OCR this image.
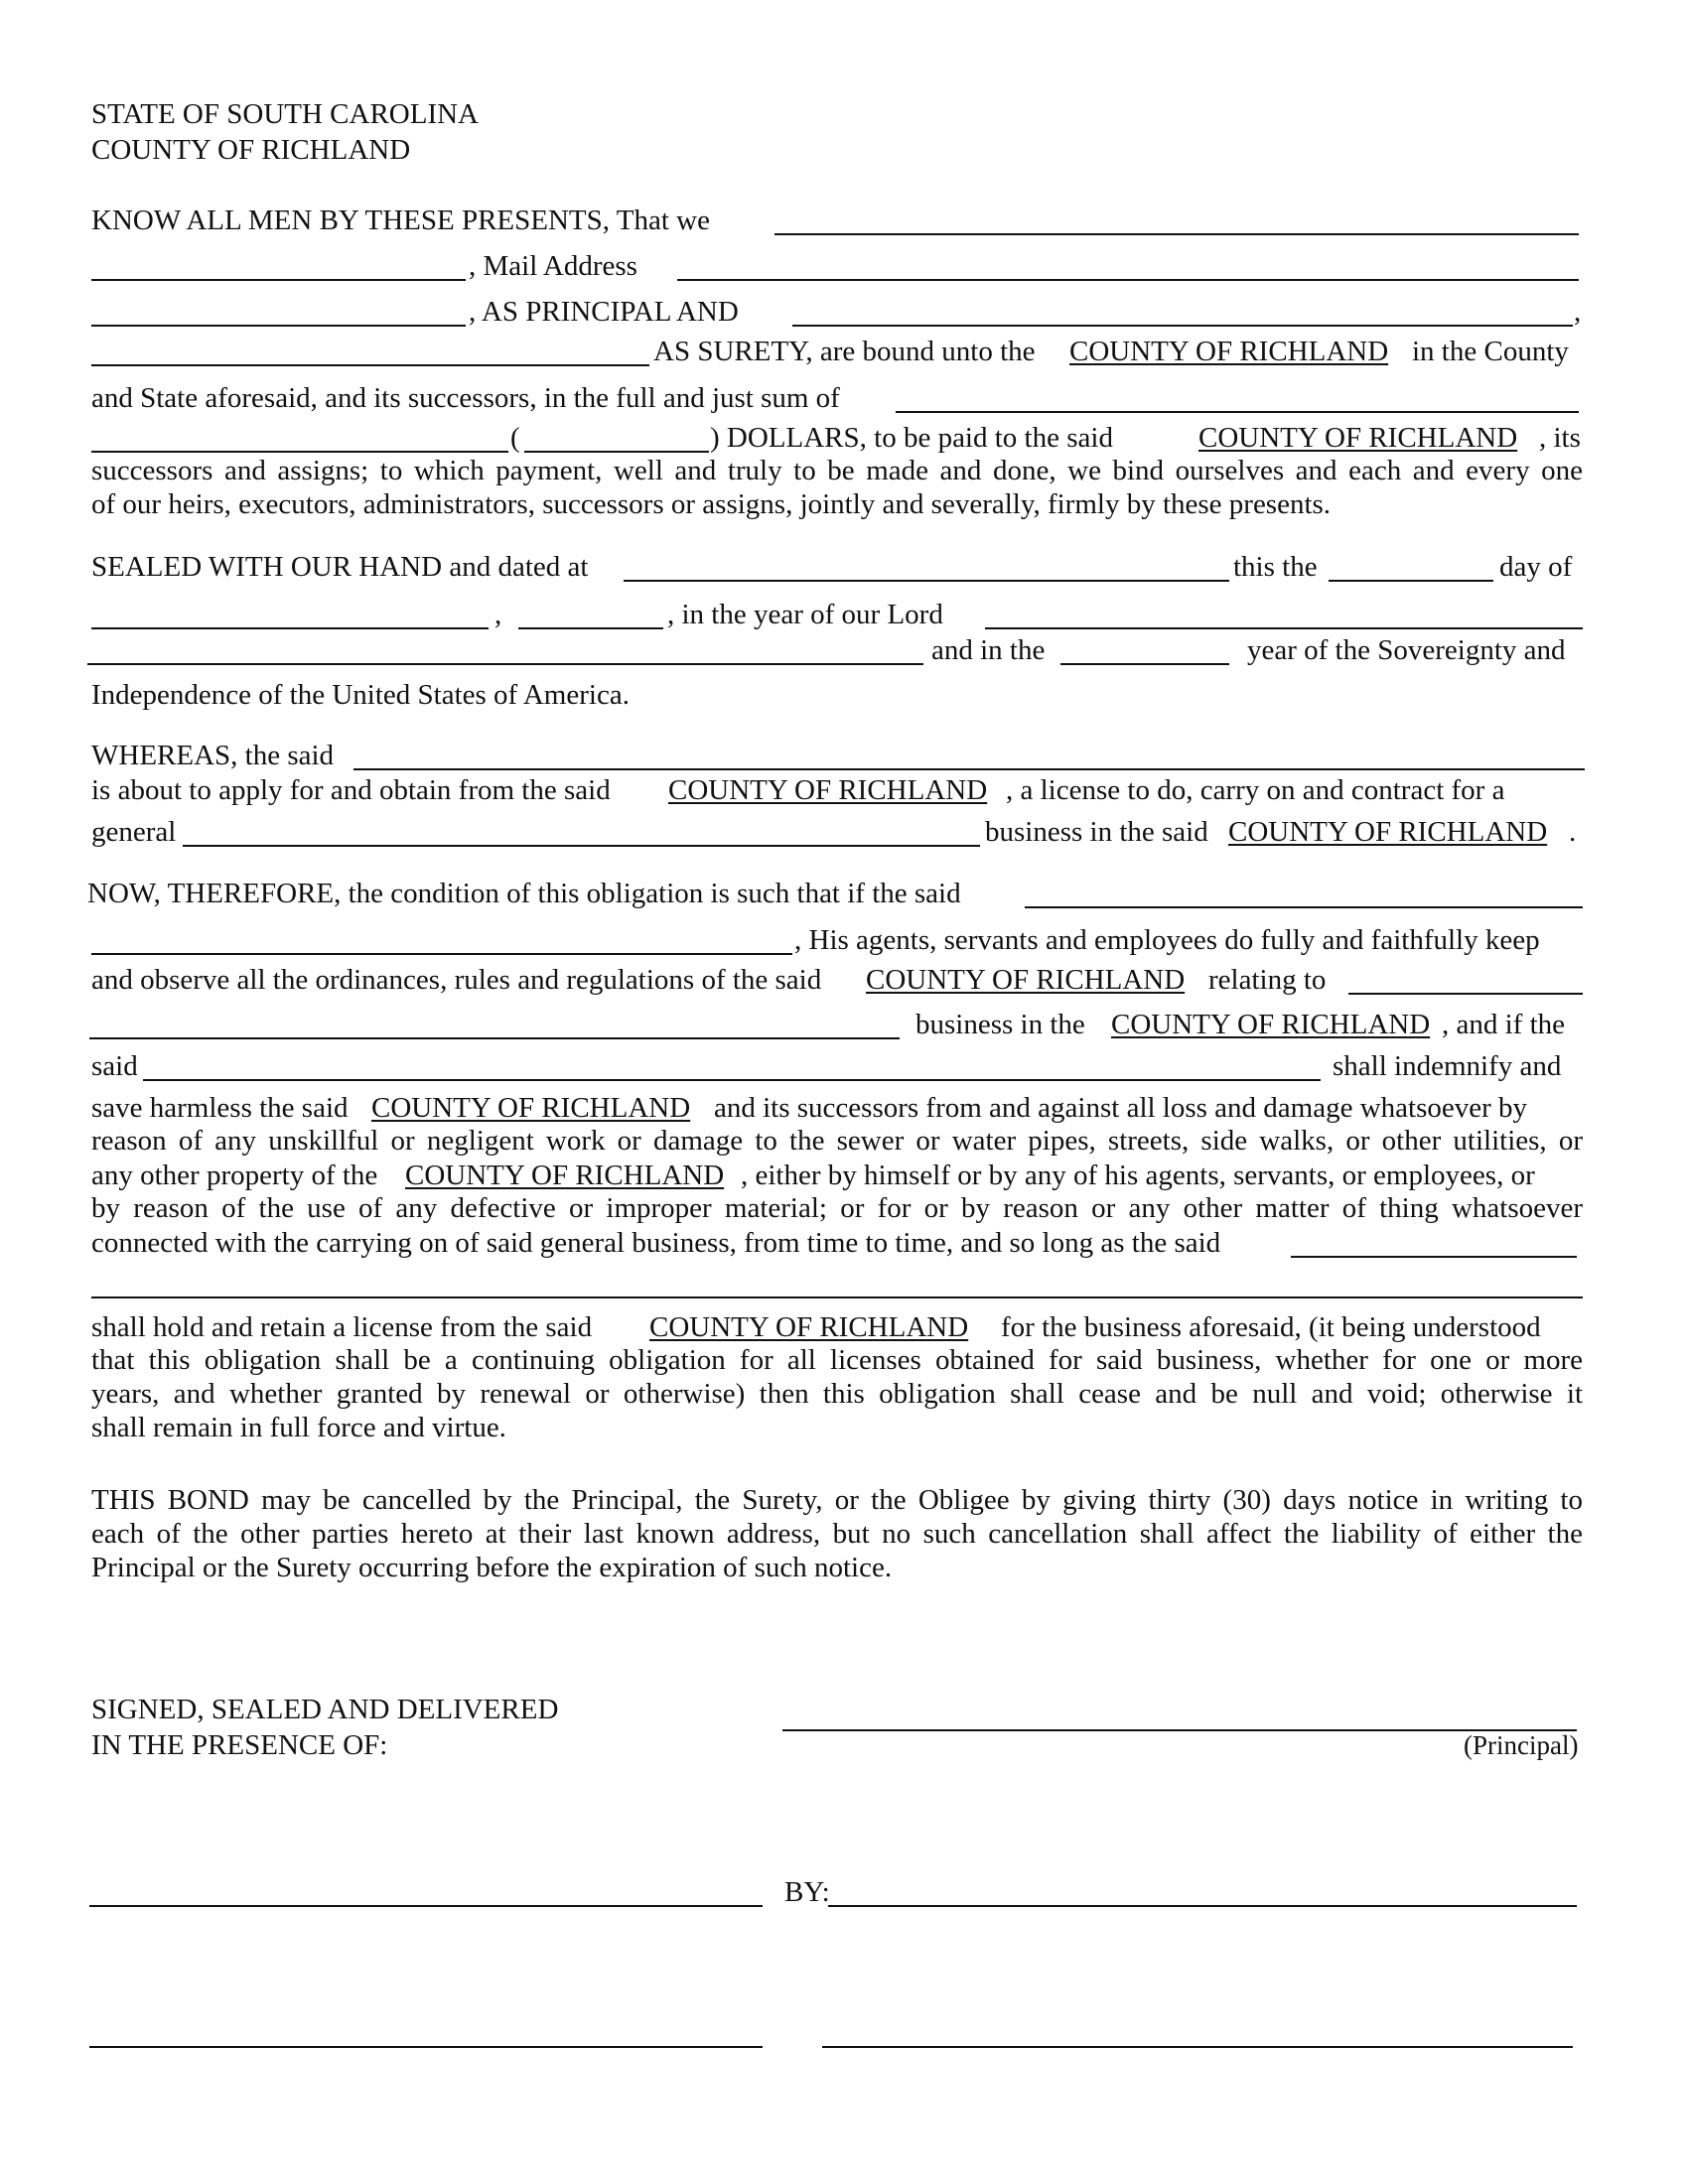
STATE OF SOUTH CAROLINA
COUNTY OF RICHLAND
KNOW ALL MEN BY THESE PRESENTS, That we
, Mail Address
, AS PRINCIPAL AND	,
AS SURETY, are bound unto the COUNTY OF RICHLAND in the County
and State aforesaid, and its successors, in the full and just sum of
(	) DOLLARS, to be paid to the said	COUNTY OF RICHLAND , its
successors and assigns; to which payment, well and truly to be made and done, we bind ourselves and each and every one
of our heirs, executors, administrators, successors or assigns, jointly and severally, firmly by these presents.
SEALED WITH OUR HAND and dated at	this the	day of
,	, in the year of our Lord
and in the	year of the Sovereignty and
Independence of the United States of America.
WHEREAS, the said
is about to apply for and obtain from the said COUNTY OF RICHLAND , a license to do, carry on and contract for a
general	business in the said COUNTY OF RICHLAND .
NOW, THEREFORE, the condition of this obligation is such that if the said
, His agents, servants and employees do fully and faithfully keep
and observe all the ordinances, rules and regulations of the said COUNTY OF RICHLAND relating to
business in the COUNTY OF RICHLAND , and if the
said	shall indemnify and
save harmless the said COUNTY OF RICHLAND and its successors from and against all loss and damage whatsoever by
reason of any unskillful or negligent work or damage to the sewer or water pipes, streets, side walks, or other utilities, or
any other property of the COUNTY OF RICHLAND , either by himself or by any of his agents, servants, or employees, or
by reason of the use of any defective or improper material; or for or by reason or any other matter of thing whatsoever
connected with the carrying on of said general business, from time to time, and so long as the said
shall hold and retain a license from the said COUNTY OF RICHLAND for the business aforesaid, (it being understood
that this obligation shall be a continuing obligation for all licenses obtained for said business, whether for one or more
years, and whether granted by renewal or otherwise) then this obligation shall cease and be null and void; otherwise it
shall remain in full force and virtue.
THIS BOND may be cancelled by the Principal, the Surety, or the Obligee by giving thirty (30) days notice in writing to
each of the other parties hereto at their last known address, but no such cancellation shall affect the liability of either the
Principal or the Surety occurring before the expiration of such notice.
SIGNED, SEALED AND DELIVERED
IN THE PRESENCE OF:	(Principal)
BY:
